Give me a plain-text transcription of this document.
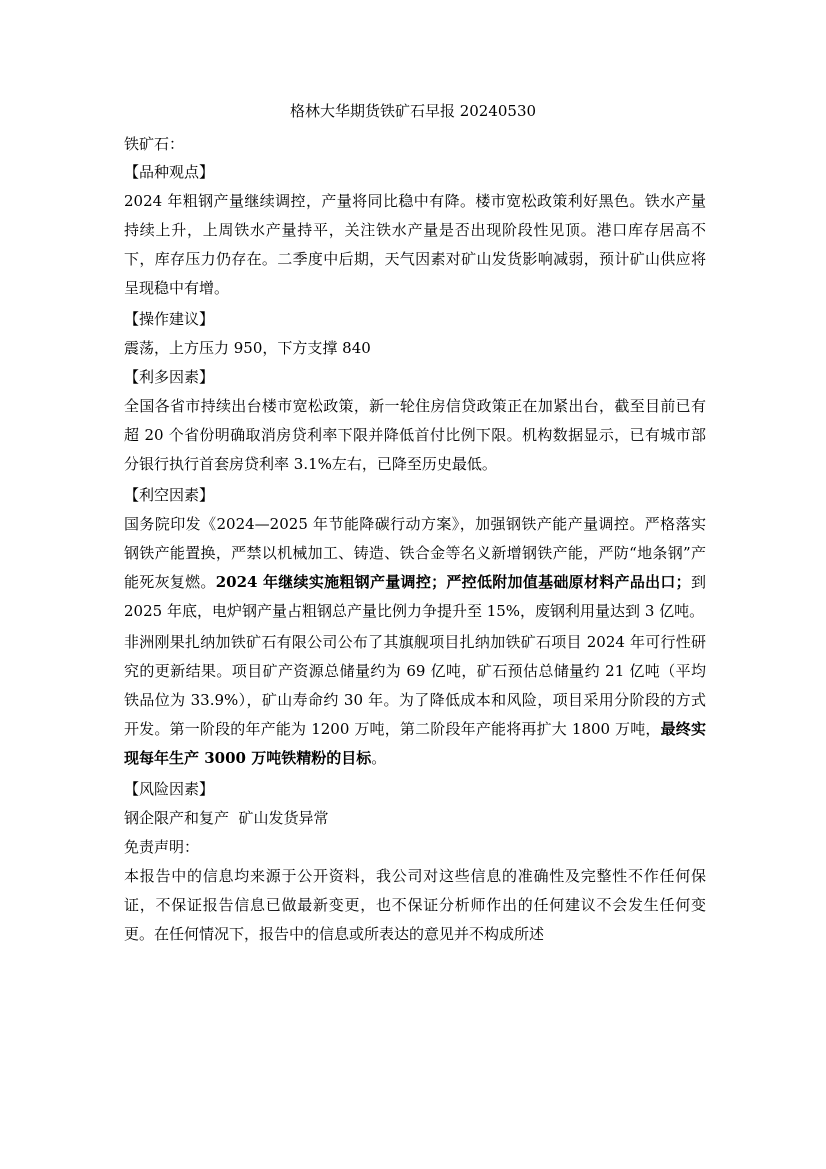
格林大华期货铁矿石早报 20240530

铁矿石：

【品种观点】

2024 年粗钢产量继续调控，产量将同比稳中有降。楼市宽松政策利好黑色。铁水产量持续上升，上周铁水产量持平，关注铁水产量是否出现阶段性见顶。港口库存居高不下，库存压力仍存在。二季度中后期，天气因素对矿山发货影响减弱，预计矿山供应将呈现稳中有增。

【操作建议】

震荡，上方压力 950，下方支撑 840

【利多因素】

全国各省市持续出台楼市宽松政策，新一轮住房信贷政策正在加紧出台，截至目前已有超 20 个省份明确取消房贷利率下限并降低首付比例下限。机构数据显示，已有城市部分银行执行首套房贷利率 3.1%左右，已降至历史最低。

【利空因素】

国务院印发《2024—2025 年节能降碳行动方案》，加强钢铁产能产量调控。严格落实钢铁产能置换，严禁以机械加工、铸造、铁合金等名义新增钢铁产能，严防“地条钢”产能死灰复燃。2024 年继续实施粗钢产量调控；严控低附加值基础原材料产品出口；到 2025 年底，电炉钢产量占粗钢总产量比例力争提升至 15%，废钢利用量达到 3 亿吨。

非洲刚果扎纳加铁矿石有限公司公布了其旗舰项目扎纳加铁矿石项目 2024 年可行性研究的更新结果。项目矿产资源总储量约为 69 亿吨，矿石预估总储量约 21 亿吨（平均铁品位为 33.9%），矿山寿命约 30 年。为了降低成本和风险，项目采用分阶段的方式开发。第一阶段的年产能为 1200 万吨，第二阶段年产能将再扩大 1800 万吨，最终实现每年生产 3000 万吨铁精粉的目标。

【风险因素】

钢企限产和复产  矿山发货异常

免责声明：

本报告中的信息均来源于公开资料，我公司对这些信息的准确性及完整性不作任何保证，不保证报告信息已做最新变更，也不保证分析师作出的任何建议不会发生任何变更。在任何情况下，报告中的信息或所表达的意见并不构成所述
